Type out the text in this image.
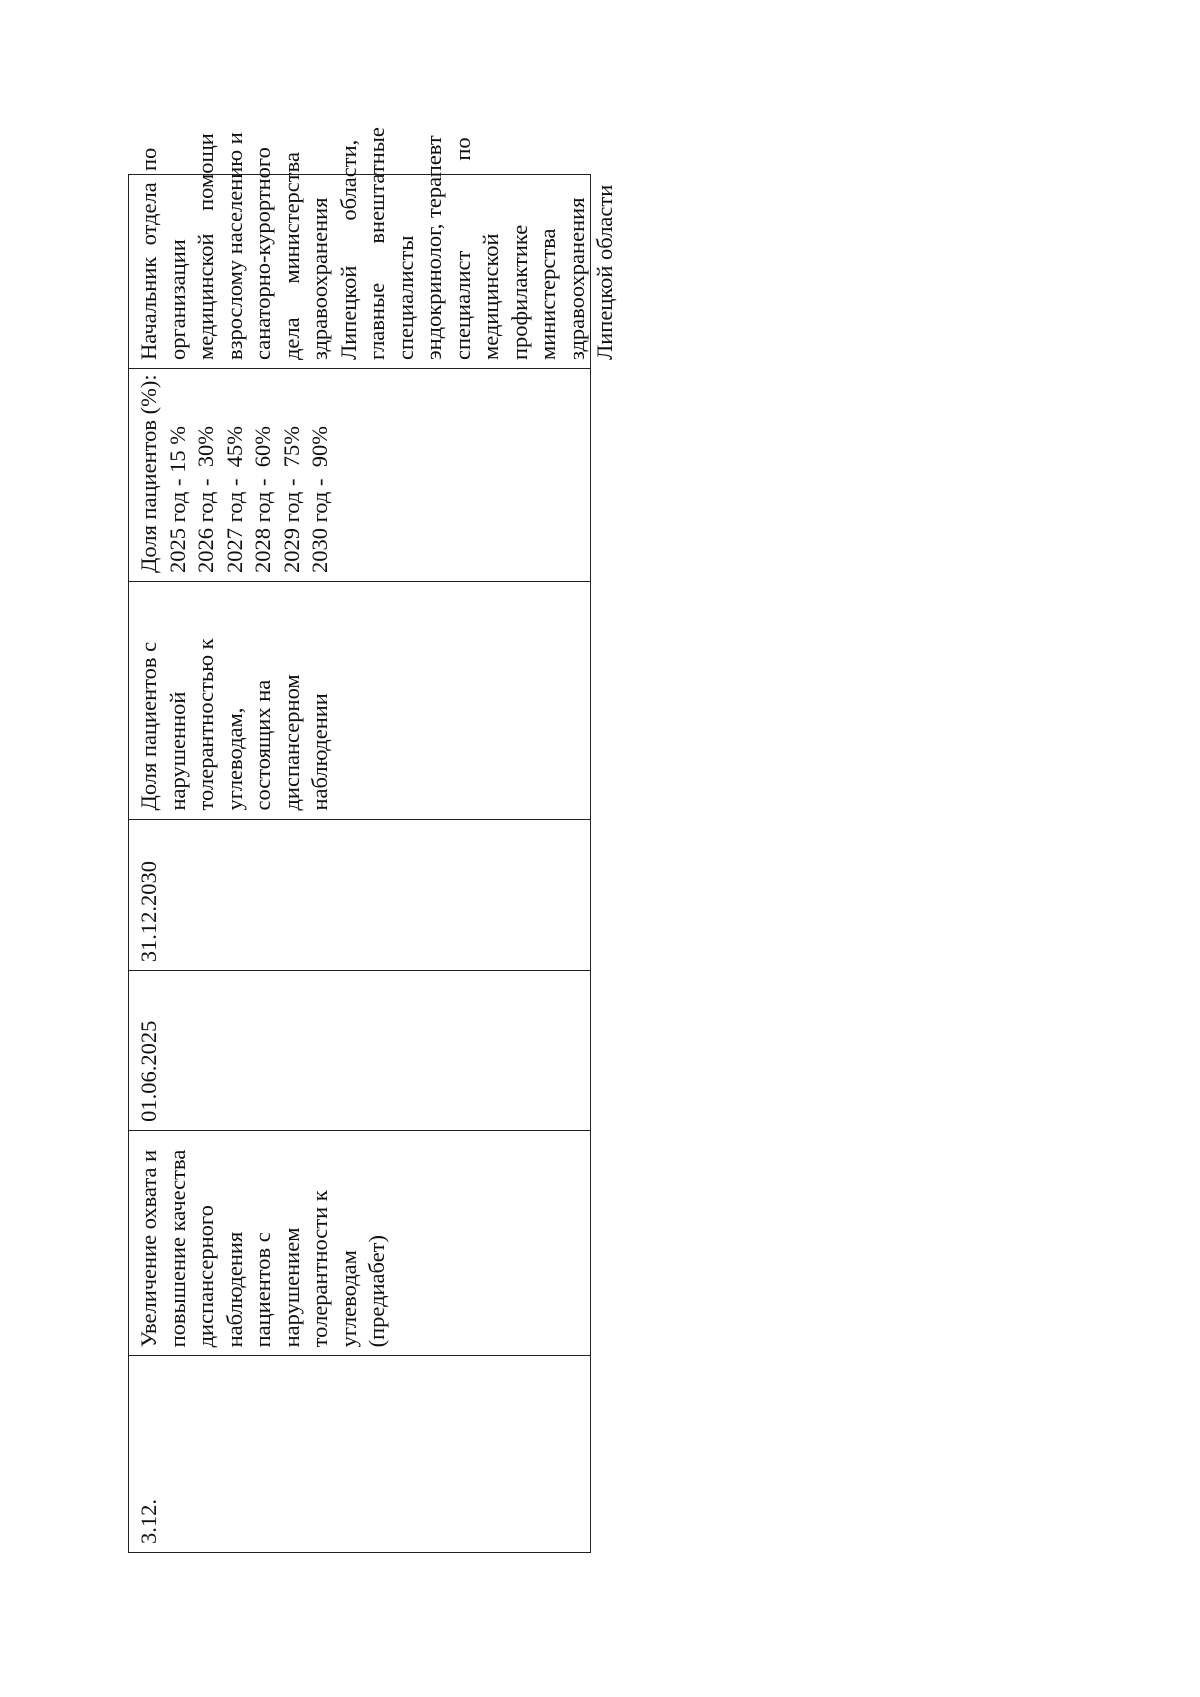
3.12.
Увеличение охвата и повышение качества диспансерного наблюдения пациентов с нарушением толерантности к углеводам (предиабет)
01.06.2025
31.12.2030
Доля пациентов с нарушенной толерантностью к углеводам, состоящих на диспансерном наблюдении
Доля пациентов (%): 2025 год - 15 % 2026 год -  30% 2027 год -  45% 2028 год -  60% 2029 год -  75% 2030 год -  90%
Начальник  отдела  по организации медицинской    помощи взрослому населению и санаторно-курортного дела      министерства здравоохранения Липецкой        области, главные       внештатные специалисты эндокринолог, терапевт специалист                по медицинской профилактике министерства здравоохранения Липецкой области
